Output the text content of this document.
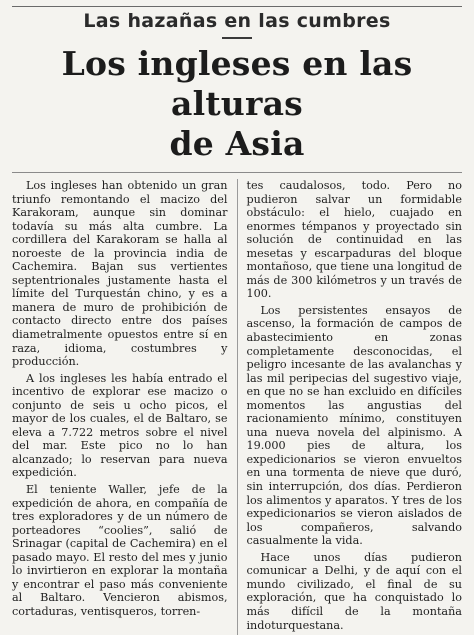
Las hazañas en las cumbres
Los ingleses en las alturas
de Asia

Los ingleses han obtenido un gran triunfo remontando el macizo del Karakoram, aunque sin dominar todavía su más alta cumbre. La cordillera del Karakoram se halla al noroeste de la provincia india de Cachemira. Bajan sus vertientes septentrionales justamente hasta el límite del Turquestán chino, y es a manera de muro de prohibición de contacto directo entre dos países diametralmente opuestos entre sí en raza, idioma, costumbres y producción.

A los ingleses les había entrado el incentivo de explorar ese macizo o conjunto de seis u ocho picos, el mayor de los cuales, el de Baltaro, se eleva a 7.722 metros sobre el nivel del mar. Este pico no lo han alcanzado; lo reservan para nueva expedición.

El teniente Waller, jefe de la expedición de ahora, en compañía de tres exploradores y de un número de porteadores “coolies”, salió de Srinagar (capital de Cachemira) en el pasado mayo. El resto del mes y junio lo invirtieron en explorar la montaña y encontrar el paso más conveniente al Baltaro. Vencieron abismos, cortaduras, ventisqueros, torren-

tes caudalosos, todo. Pero no pudieron salvar un formidable obstáculo: el hielo, cuajado en enormes témpanos y proyectado sin solución de continuidad en las mesetas y escarpaduras del bloque montañoso, que tiene una longitud de más de 300 kilómetros y un través de 100.

Los persistentes ensayos de ascenso, la formación de campos de abastecimiento en zonas completamente desconocidas, el peligro incesante de las avalanchas y las mil peripecias del sugestivo viaje, en que no se han excluido en difíciles momentos las angustias del racionamiento mínimo, constituyen una nueva novela del alpinismo. A 19.000 pies de altura, los expedicionarios se vieron envueltos en una tormenta de nieve que duró, sin interrupción, dos días. Perdieron los alimentos y aparatos. Y tres de los expedicionarios se vieron aislados de los compañeros, salvando casualmente la vida.

Hace unos días pudieron comunicar a Delhi, y de aquí con el mundo civilizado, el final de su exploración, que ha conquistado lo más difícil de la montaña indoturquestana.
